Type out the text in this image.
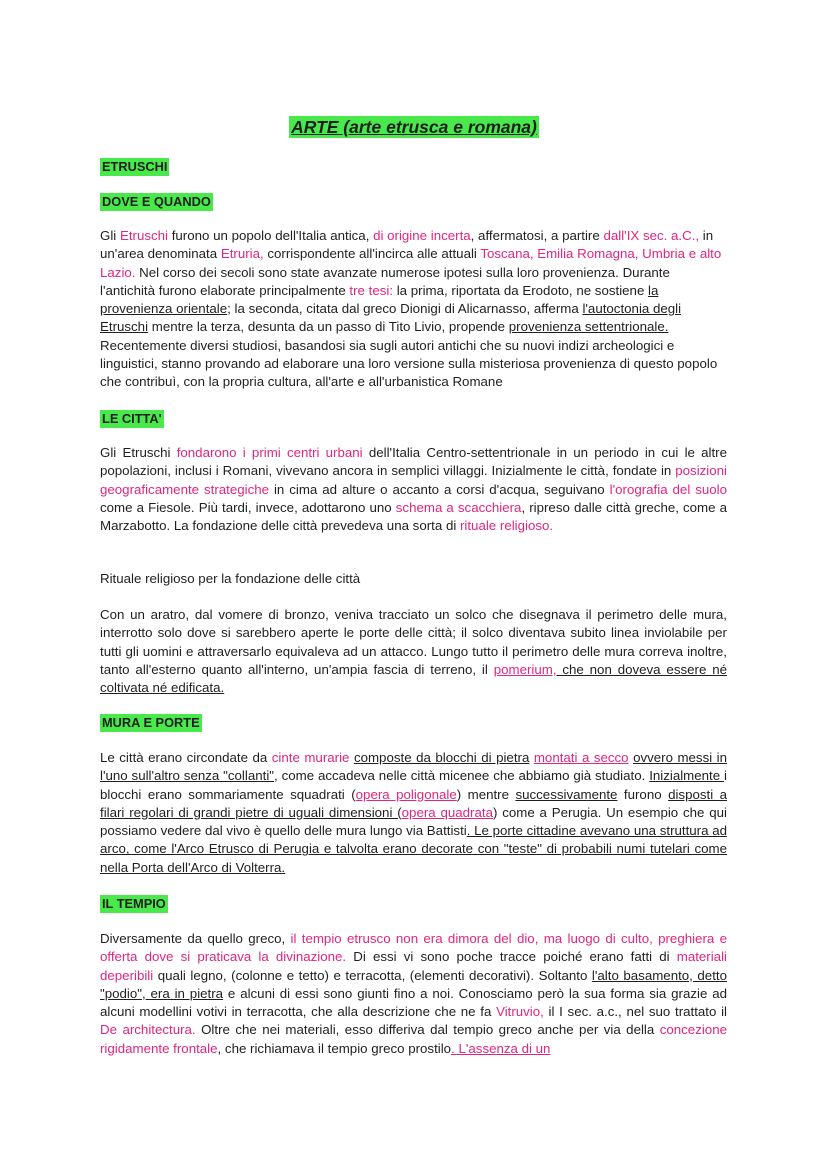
ARTE (arte etrusca e romana)
ETRUSCHI
DOVE E QUANDO

Gli Etruschi furono un popolo dell'Italia antica, di origine incerta, affermatosi, a partire dall'IX sec. a.C., in un'area denominata Etruria, corrispondente all'incirca alle attuali Toscana, Emilia Romagna, Umbria e alto Lazio. Nel corso dei secoli sono state avanzate numerose ipotesi sulla loro provenienza. Durante l'antichità furono elaborate principalmente tre tesi: la prima, riportata da Erodoto, ne sostiene la provenienza orientale; la seconda, citata dal greco Dionigi di Alicarnasso, afferma l'autoctonia degli Etruschi mentre la terza, desunta da un passo di Tito Livio, propende provenienza settentrionale. Recentemente diversi studiosi, basandosi sia sugli autori antichi che su nuovi indizi archeologici e linguistici, stanno provando ad elaborare una loro versione sulla misteriosa provenienza di questo popolo che contribuì, con la propria cultura, all'arte e all'urbanistica Romane

LE CITTA'

Gli Etruschi fondarono i primi centri urbani dell'Italia Centro-settentrionale in un periodo in cui le altre popolazioni, inclusi i Romani, vivevano ancora in semplici villaggi. Inizialmente le città, fondate in posizioni geograficamente strategiche in cima ad alture o accanto a corsi d'acqua, seguivano l'orografia del suolo come a Fiesole. Più tardi, invece, adottarono uno schema a scacchiera, ripreso dalle città greche, come a Marzabotto. La fondazione delle città prevedeva una sorta di rituale religioso.

Rituale religioso per la fondazione delle città

Con un aratro, dal vomere di bronzo, veniva tracciato un solco che disegnava il perimetro delle mura, interrotto solo dove si sarebbero aperte le porte delle città; il solco diventava subito linea inviolabile per tutti gli uomini e attraversarlo equivaleva ad un attacco. Lungo tutto il perimetro delle mura correva inoltre, tanto all'esterno quanto all'interno, un'ampia fascia di terreno, il pomerium, che non doveva essere né coltivata né edificata.

MURA E PORTE

Le città erano circondate da cinte murarie composte da blocchi di pietra montati a secco ovvero messi in l'uno sull'altro senza "collanti", come accadeva nelle città micenee che abbiamo già studiato. Inizialmente i blocchi erano sommariamente squadrati (opera poligonale) mentre successivamente furono disposti a filari regolari di grandi pietre di uguali dimensioni (opera quadrata) come a Perugia. Un esempio che qui possiamo vedere dal vivo è quello delle mura lungo via Battisti. Le porte cittadine avevano una struttura ad arco, come l'Arco Etrusco di Perugia e talvolta erano decorate con "teste" di probabili numi tutelari come nella Porta dell'Arco di Volterra.

IL TEMPIO

Diversamente da quello greco, il tempio etrusco non era dimora del dio, ma luogo di culto, preghiera e offerta dove si praticava la divinazione. Di essi vi sono poche tracce poiché erano fatti di materiali deperibili quali legno, (colonne e tetto) e terracotta, (elementi decorativi). Soltanto l'alto basamento, detto "podio", era in pietra e alcuni di essi sono giunti fino a noi. Conosciamo però la sua forma sia grazie ad alcuni modellini votivi in terracotta, che alla descrizione che ne fa Vitruvio, il I sec. a.c., nel suo trattato il De architectura. Oltre che nei materiali, esso differiva dal tempio greco anche per via della concezione rigidamente frontale, che richiamava il tempio greco prostilo. L'assenza di un
